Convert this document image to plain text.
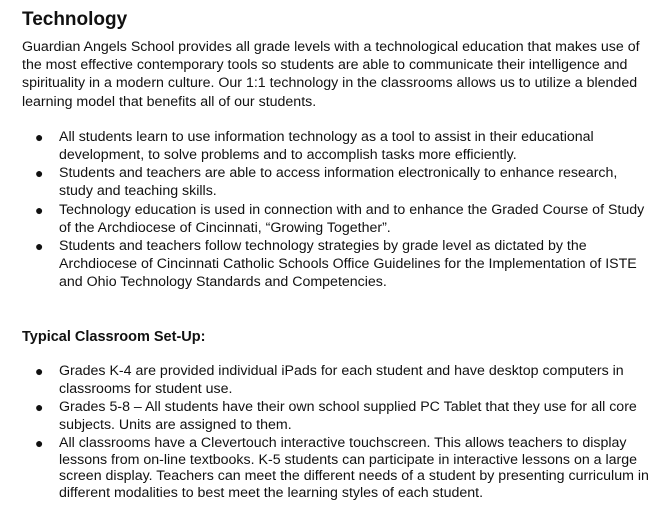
Technology

Guardian Angels School provides all grade levels with a technological education that makes use of the most effective contemporary tools so students are able to communicate their intelligence and spirituality in a modern culture. Our 1:1 technology in the classrooms allows us to utilize a blended learning model that benefits all of our students.

● All students learn to use information technology as a tool to assist in their educational development, to solve problems and to accomplish tasks more efficiently.
● Students and teachers are able to access information electronically to enhance research, study and teaching skills.
● Technology education is used in connection with and to enhance the Graded Course of Study of the Archdiocese of Cincinnati, “Growing Together”.
● Students and teachers follow technology strategies by grade level as dictated by the Archdiocese of Cincinnati Catholic Schools Office Guidelines for the Implementation of ISTE and Ohio Technology Standards and Competencies.
Typical Classroom Set-Up:
● Grades K-4 are provided individual iPads for each student and have desktop computers in classrooms for student use.
● Grades 5-8 – All students have their own school supplied PC Tablet that they use for all core subjects. Units are assigned to them.
● All classrooms have a Clevertouch interactive touchscreen. This allows teachers to display lessons from on-line textbooks. K-5 students can participate in interactive lessons on a large screen display. Teachers can meet the different needs of a student by presenting curriculum in different modalities to best meet the learning styles of each student.
